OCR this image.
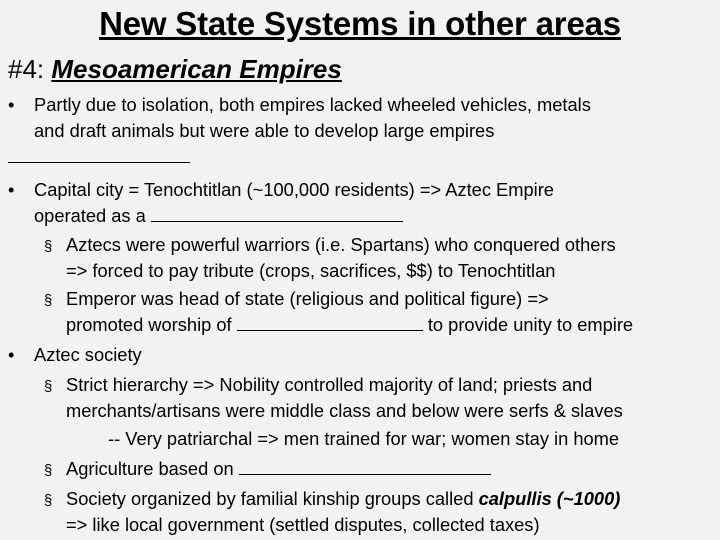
New State Systems in other areas
#4: Mesoamerican Empires
• Partly due to isolation, both empires lacked wheeled vehicles, metals
and draft animals but were able to develop large empires
• Capital city = Tenochtitlan (~100,000 residents) => Aztec Empire
operated as a
§ Aztecs were powerful warriors (i.e. Spartans) who conquered others
=> forced to pay tribute (crops, sacrifices, $$) to Tenochtitlan
§ Emperor was head of state (religious and political figure) =>
promoted worship of	to provide unity to empire
• Aztec society
§ Strict hierarchy => Nobility controlled majority of land; priests and
merchants/artisans were middle class and below were serfs & slaves
-- Very patriarchal => men trained for war; women stay in home
§ Agriculture based on
§ Society organized by familial kinship groups called calpullis (~1000)
=> like local government (settled disputes, collected taxes)
